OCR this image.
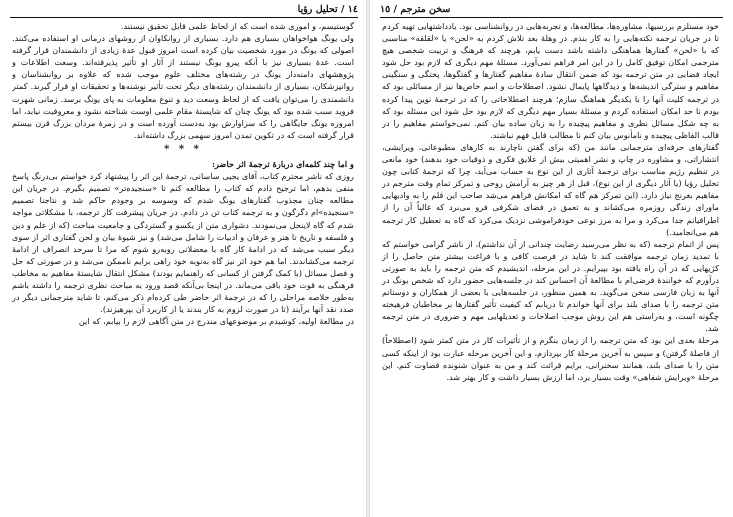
١٤ / تحلیل رؤیا

گوستیسم، و اموری شده است که از لحاظ علمی قابل تحقیق نیستند.

ولی یونگ هواخواهان بسیاری هم دارد. بسیاری از روانکاوان از روشهای درمانی او استفاده می‌کنند. اصولی که یونگ در مورد شخصیت بیان کرده است امروز قبول عدهٔ زیادی از دانشمندان قرار گرفته است. عدهٔ بسیاری نیز با آنکه پیرو یونگ نیستند از آثار او تأثیر پذیرفته‌اند. وسعت اطلاعات و پژوهشهای دامنه‌دار یونگ در رشته‌های مختلف علوم موجب شده که علاوه بر روانشناسان و روانپزشکان، بسیاری از دانشمندان رشته‌های دیگر تحت تأثیر نوشته‌ها و تحقیقات او قرار گیرند. کمتر دانشمندی را می‌توان یافت که از لحاظ وسعت دید و تنوع معلومات به پای یونگ برسد. زمانی شهرت فروید سبب شده بود که یونگ چنان که شایستهٔ مقام علمی اوست شناخته نشود و معروفیت نیابد، اما امروزه یونگ جایگاهی را که سزاوارش بود به‌دست آورده است و در زمرهٔ مردان بزرگ قرن بیستم قرار گرفته است که در تکوین تمدن امروز سهمی بزرگ داشته‌اند.

* * *

و اما چند کلمه‌ای دربارهٔ ترجمهٔ اثر حاضر:

روزی که ناشر محترم کتاب، آقای یحیی ساسانی، ترجمهٔ این اثر را پیشنهاد کرد خواستم بی‌درنگ پاسخ منفی بدهم، اما ترجیح دادم که کتاب را مطالعه کنم تا «سنجیده‌تر» تصمیم بگیرم. در جریان این مطالعه چنان مجذوب گفتارهای یونگ شدم که وسوسه بر وجودم حاکم شد و نتاجنا تصمیم «سنجیده»‌ام دگرگون و به ترجمه کتاب تن در دادم. در جریان پیشرفت کار ترجمه، با مشکلاتی مواجه شدم که گاه لاینحل می‌نمودند. دشواری متن از یکسو و گستردگی و جامعیت مباحث (که از علم و دین و فلسفه و تاریخ تا هنر و عرفان و ادبیات را شامل می‌شد) و نیز شیوهٔ بیان و لحن گفتاری اثر از سوی دیگر سبب می‌شد که در ادامهٔ کار گاه با معضلاتی روبه‌رو شوم که مرا تا سرحد انصراف از ادامهٔ ترجمه می‌کشاندند. اما هم خود اثر نیز گاه به‌نوبه خود راهی برایم ناممکن می‌شد و در صورتی که حل و فصل مسائل (با کمک گرفتن از کسانی که راهنمایم بودند) مشکل انتقال شایستهٔ مفاهیم به مخاطب فرهنگی به قوت خود باقی می‌ماند. در اینجا بی‌آنکه قصد ورود به مباحث نظری ترجمه را داشته باشم به‌طور خلاصه مراحلی را که در ترجمهٔ اثر حاضر طی کرده‌ام ذکر می‌کنم، تا شاید مترجمانی دیگر در صدد نقد آنها برآیند (تا در صورت لزوم به کار بندند یا از کاربرد آن بپرهیزند).

در مطالعهٔ اولیه، کوشیدم بر موضوعهای مندرج در متن آگاهی لازم را بیابم، که این

سخن مترجم / ١٥

خود مستلزم بررسیها، مشاوره‌ها، مطالعه‌ها، و تجربه‌هایی در روانشناسی بود. یادداشتهایی تهیه کردم تا در جریان ترجمه نکته‌هایی را به کار بندم. در وهلهٔ بعد تلاش کردم به «لحن» یا «لقلقه» مناسبی که با «لحن» گفتارها هماهنگی داشته باشد دست یابم، هرچند که فرهنگ و تربیت شخصی هیچ مترجمی امکان توفیق کامل را در این امر فراهم نمی‌آورد. مسئلهٔ مهم دیگری که لازم بود حل شود ایجاد فضایی در متن ترجمه بود که ضمن انتقال سادهٔ مفاهیم گفتارها و گفتگوها، پختگی و سنگینی مفاهیم و سترگی اندیشه‌ها و دیدگاهها پایمال نشود. اصطلاحات و اسم خاص‌ها نیز از مسائلی بود که در ترجمه کلیت آنها را با یکدیگر هماهنگ سازم؛ هرچند اصطلاحاتی را که در ترجمهٔ نوین پیدا کرده بودم تا حد امکان استفاده کردم و مسئلهٔ بسیار مهم دیگری که لازم بود حل شود این مسئله بود که به چه شکل مسائل نظری و مفاهیم پیچیده را به زبان ساده بیان کنم. نمی‌خواستم مفاهیم را در قالب الفاظی پیچیده و نامأنوس بیان کنم تا مطالب قابل فهم نباشند.

گفتارهای حرفه‌ای مترجمانی مانند من (که برای گفتن ناچارند به کارهای مطبوعاتی، ویرایشی، انتشاراتی، و مشاوره در چاپ و نشر اهمیتی بیش از علایق فکری و ذوقیات خود بدهند) خود مانعی در تنظیم رژیم مناسب برای ترجمهٔ آثاری از این نوع به حساب می‌آید، چرا که ترجمهٔ کتابی چون تحلیل رؤیا (یا آثار دیگری از این نوع)، قبل از هر چیز به آرامش روحی و تمرکز تمام وقت مترجم در مفاهیم بغرنج نیاز دارد. (این تمرکز هم گاه که امکانش فراهم می‌شد صاحب این قلم را به وادیهایی ماورای زندگی روزمره می‌کشاند و به تعمق در فضای شکرفی فرو می‌برد که غالباً آن را از اطرافیانم جدا می‌کرد و مرا به مرز نوعی خودفراموشی نزدیک می‌کرد که گاه به تعطیل کار ترجمه هم می‌انجامید.)

پس از اتمام ترجمه (که به نظر می‌رسید رضایت چندانی از آن نداشتم)، از ناشر گرامی خواستم که با تمدید زمان ترجمه موافقت کند تا شاید در فرصت کافی و با فراغت بیشتر متن حاصل را از کژیهایی که در آن راه یافته بود بپیرایم. در این مرحله، اندیشیدم که متن ترجمه را باید به صورتی درآورم که خوانندهٔ فرضی‌ام با مطالعهٔ آن احساس کند در جلسه‌هایی حضور دارد که شخص یونگ در آنها به زبان فارسی سخن می‌گوید. به همین منظور، در جلسه‌هایی با بعضی از همکاران و دوستانم متن ترجمه را با صدای بلند برای آنها خواندم تا دریابم که کیفیت تأثیر گفتارها بر مخاطبان فرهیخته چگونه است، و به‌راستی هم این روش موجب اصلاحات و تعدیلهایی مهم و ضروری در متن ترجمه شد.

مرحلهٔ بعدی این بود که متن ترجمه را از زمان بنگرم و از تأثیرات کار در متن کمتر شود (اصطلاحاً) از فاصلهٔ گرفتن) و سپس به آخرین مرحلهٔ کار بپردازم، و این آخرین مرحله عبارت بود از اینکه کسی متن را با صدای بلند، همانند سخنرانی، برایم قرائت کند و من به عنوان شنونده قضاوت کنم. این مرحلهٔ «ویرایش شفاهی» وقت بسیار برد، اما ارزش بسیار داشت و کار بهتر شد.
